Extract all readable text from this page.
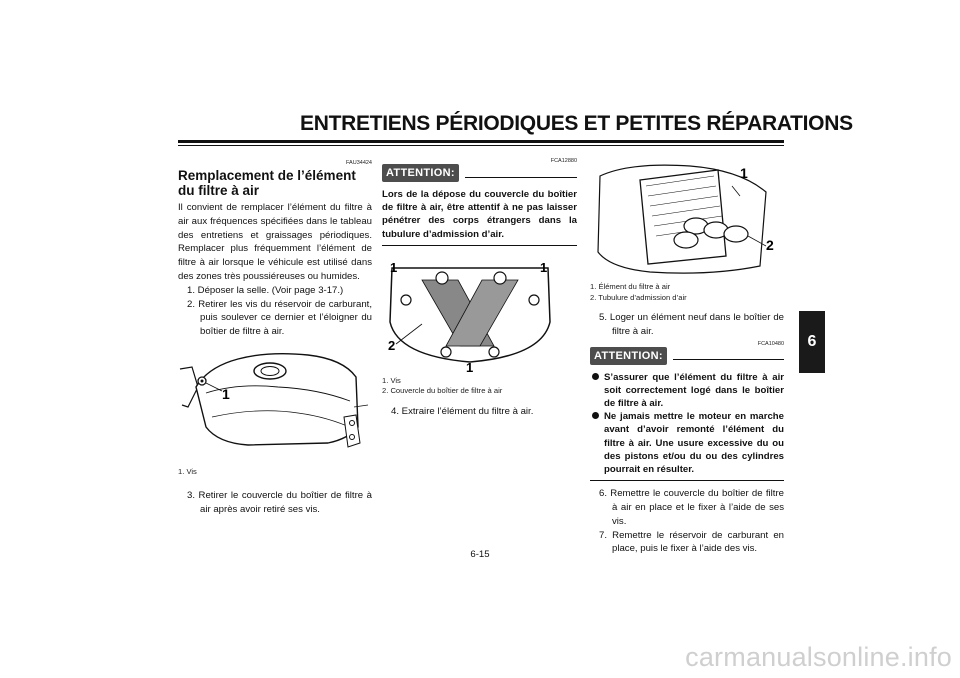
ENTRETIENS PÉRIODIQUES ET PETITES RÉPARATIONS
6
FAU34424
Remplacement de l’élément du filtre à air
Il convient de remplacer l’élément du filtre à air aux fréquences spécifiées dans le tableau des entretiens et graissages périodiques. Remplacer plus fréquemment l’élément de filtre à air lorsque le véhicule est utilisé dans des zones très poussiéreuses ou humides.
1. Déposer la selle. (Voir page 3-17.)
2. Retirer les vis du réservoir de carburant, puis soulever ce dernier et l’éloigner du boîtier de filtre à air.
1
1. Vis
3. Retirer le couvercle du boîtier de filtre à air après avoir retiré ses vis.
FCA12880
ATTENTION:
Lors de la dépose du couvercle du boîtier de filtre à air, être attentif à ne pas laisser pénétrer des corps étrangers dans la tubulure d’admission d’air.
1	1
2
1
1. Vis
2. Couvercle du boîtier de filtre à air
4. Extraire l’élément du filtre à air.
1
2
1. Élément du filtre à air
2. Tubulure d’admission d’air
5. Loger un élément neuf dans le boîtier de filtre à air.
FCA10480
ATTENTION:
S’assurer que l’élément du filtre à air soit correctement logé dans le boîtier de filtre à air.
Ne jamais mettre le moteur en marche avant d’avoir remonté l’élément du filtre à air. Une usure excessive du ou des pistons et/ou du ou des cylindres pourrait en résulter.
6. Remettre le couvercle du boîtier de filtre à air en place et le fixer à l’aide de ses vis.
7. Remettre le réservoir de carburant en place, puis le fixer à l’aide des vis.
6-15
carmanualsonline.info
